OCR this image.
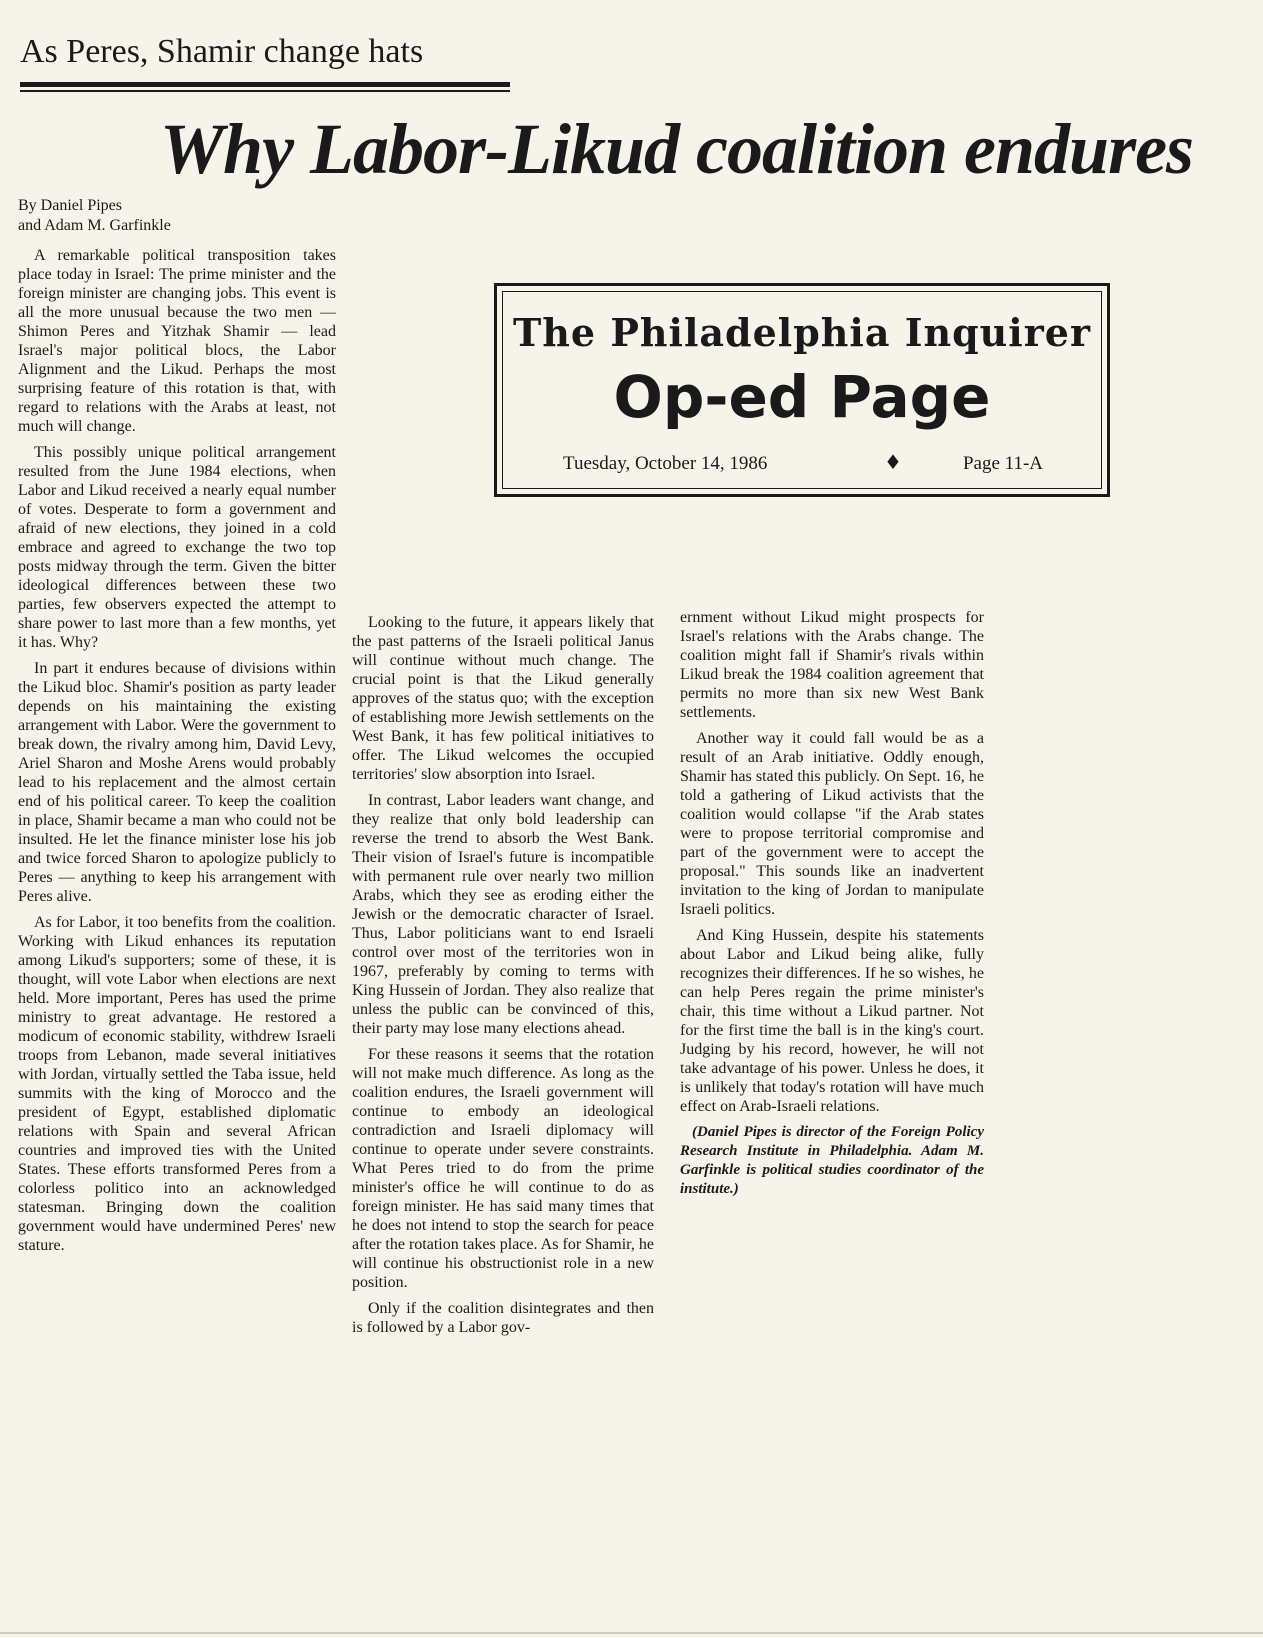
As Peres, Shamir change hats
Why Labor-Likud coalition endures
By Daniel Pipes
and Adam M. Garfinkle
The Philadelphia Inquirer
Op-ed Page
Tuesday, October 14, 1986	♦	Page 11-A

A remarkable political transposition takes place today in Israel: The prime minister and the foreign minister are changing jobs. This event is all the more unusual because the two men — Shimon Peres and Yitzhak Shamir — lead Israel's major political blocs, the Labor Alignment and the Likud. Perhaps the most surprising feature of this rotation is that, with regard to relations with the Arabs at least, not much will change.

This possibly unique political arrangement resulted from the June 1984 elections, when Labor and Likud received a nearly equal number of votes. Desperate to form a government and afraid of new elections, they joined in a cold embrace and agreed to exchange the two top posts midway through the term. Given the bitter ideological differences between these two parties, few observers expected the attempt to share power to last more than a few months, yet it has. Why?

In part it endures because of divisions within the Likud bloc. Shamir's position as party leader depends on his maintaining the existing arrangement with Labor. Were the government to break down, the rivalry among him, David Levy, Ariel Sharon and Moshe Arens would probably lead to his replacement and the almost certain end of his political career. To keep the coalition in place, Shamir became a man who could not be insulted. He let the finance minister lose his job and twice forced Sharon to apologize publicly to Peres — anything to keep his arrangement with Peres alive.

As for Labor, it too benefits from the coalition. Working with Likud enhances its reputation among Likud's supporters; some of these, it is thought, will vote Labor when elections are next held. More important, Peres has used the prime ministry to great advantage. He restored a modicum of economic stability, withdrew Israeli troops from Lebanon, made several initiatives with Jordan, virtually settled the Taba issue, held summits with the king of Morocco and the president of Egypt, established diplomatic relations with Spain and several African countries and improved ties with the United States. These efforts transformed Peres from a colorless politico into an acknowledged statesman. Bringing down the coalition government would have undermined Peres' new stature.

Looking to the future, it appears likely that the past patterns of the Israeli political Janus will continue without much change. The crucial point is that the Likud generally approves of the status quo; with the exception of establishing more Jewish settlements on the West Bank, it has few political initiatives to offer. The Likud welcomes the occupied territories' slow absorption into Israel.

In contrast, Labor leaders want change, and they realize that only bold leadership can reverse the trend to absorb the West Bank. Their vision of Israel's future is incompatible with permanent rule over nearly two million Arabs, which they see as eroding either the Jewish or the democratic character of Israel. Thus, Labor politicians want to end Israeli control over most of the territories won in 1967, preferably by coming to terms with King Hussein of Jordan. They also realize that unless the public can be convinced of this, their party may lose many elections ahead.

For these reasons it seems that the rotation will not make much difference. As long as the coalition endures, the Israeli government will continue to embody an ideological contradiction and Israeli diplomacy will continue to operate under severe constraints. What Peres tried to do from the prime minister's office he will continue to do as foreign minister. He has said many times that he does not intend to stop the search for peace after the rotation takes place. As for Shamir, he will continue his obstructionist role in a new position.

Only if the coalition disintegrates and then is followed by a Labor gov-

ernment without Likud might prospects for Israel's relations with the Arabs change. The coalition might fall if Shamir's rivals within Likud break the 1984 coalition agreement that permits no more than six new West Bank settlements.

Another way it could fall would be as a result of an Arab initiative. Oddly enough, Shamir has stated this publicly. On Sept. 16, he told a gathering of Likud activists that the coalition would collapse "if the Arab states were to propose territorial compromise and part of the government were to accept the proposal." This sounds like an inadvertent invitation to the king of Jordan to manipulate Israeli politics.

And King Hussein, despite his statements about Labor and Likud being alike, fully recognizes their differences. If he so wishes, he can help Peres regain the prime minister's chair, this time without a Likud partner. Not for the first time the ball is in the king's court. Judging by his record, however, he will not take advantage of his power. Unless he does, it is unlikely that today's rotation will have much effect on Arab-Israeli relations.

(Daniel Pipes is director of the Foreign Policy Research Institute in Philadelphia. Adam M. Garfinkle is political studies coordinator of the institute.)
